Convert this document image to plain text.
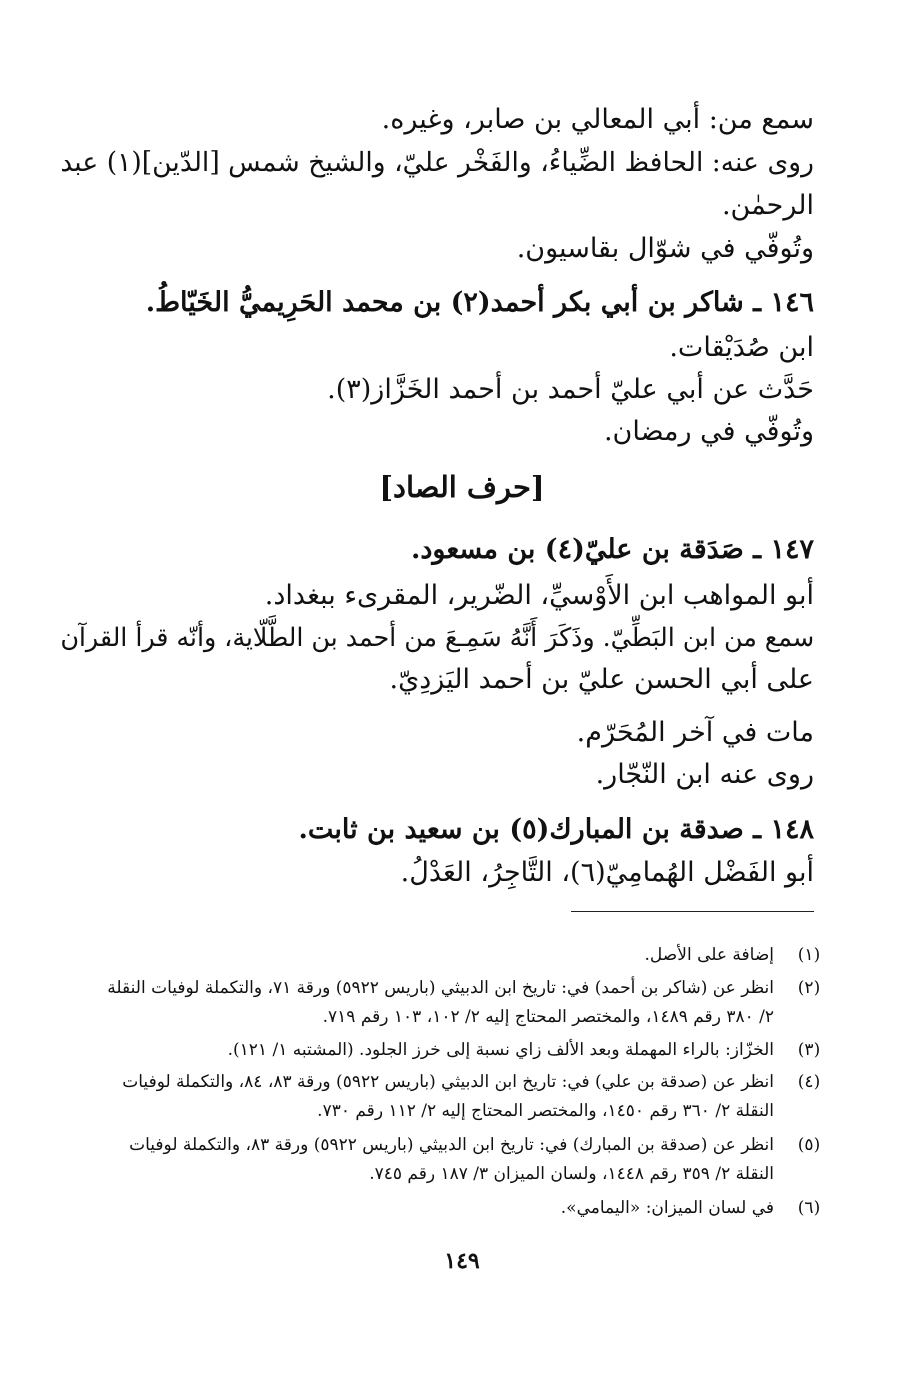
سمع من: أبي المعالي بن صابر، وغيره.
روى عنه: الحافظ الضِّياءُ، والفَخْر عليّ، والشيخ شمس [الدّين](١) عبد
الرحمٰن.
وتُوفّي في شوّال بقاسيون.
١٤٦ ـ شاكر بن أبي بكر أحمد(٢) بن محمد الحَرِيميُّ الخَيّاطُ.
ابن صُدَيْقات.
حَدَّث عن أبي عليّ أحمد بن أحمد الخَزَّاز(٣).
وتُوفّي في رمضان.
[حرف الصاد]
١٤٧ ـ صَدَقة بن عليّ(٤) بن مسعود.
أبو المواهب ابن الأَوْسيِّ، الضّرير، المقرىء ببغداد.
سمع من ابن البَطِّيّ. وذَكَرَ أَنَّهُ سَمِـعَ من أحمد بن الطَّلّاية، وأنّه قرأ القرآن
على أبي الحسن عليّ بن أحمد اليَزدِيّ.
مات في آخر المُحَرّم.
روى عنه ابن النّجّار.
١٤٨ ـ صدقة بن المبارك(٥) بن سعيد بن ثابت.
أبو الفَضْل الهُمامِيّ(٦)، التَّاجِرُ، العَدْلُ.
(١)
إضافة على الأصل.
(٢)
انظر عن (شاكر بن أحمد) في: تاريخ ابن الدبيثي (باريس ٥٩٢٢) ورقة ٧١، والتكملة لوفيات النقلة ٢/ ٣٨٠ رقم ١٤٨٩، والمختصر المحتاج إليه ٢/ ١٠٢، ١٠٣ رقم ٧١٩.
(٣)
الخزّاز: بالراء المهملة وبعد الألف زاي نسبة إلى خرز الجلود. (المشتبه ١/ ١٢١).
(٤)
انظر عن (صدقة بن علي) في: تاريخ ابن الدبيثي (باريس ٥٩٢٢) ورقة ٨٣، ٨٤، والتكملة لوفيات النقلة ٢/ ٣٦٠ رقم ١٤٥٠، والمختصر المحتاج إليه ٢/ ١١٢ رقم ٧٣٠.
(٥)
انظر عن (صدقة بن المبارك) في: تاريخ ابن الدبيثي (باريس ٥٩٢٢) ورقة ٨٣، والتكملة لوفيات النقلة ٢/ ٣٥٩ رقم ١٤٤٨، ولسان الميزان ٣/ ١٨٧ رقم ٧٤٥.
(٦)
في لسان الميزان: «اليمامي».
١٤٩
